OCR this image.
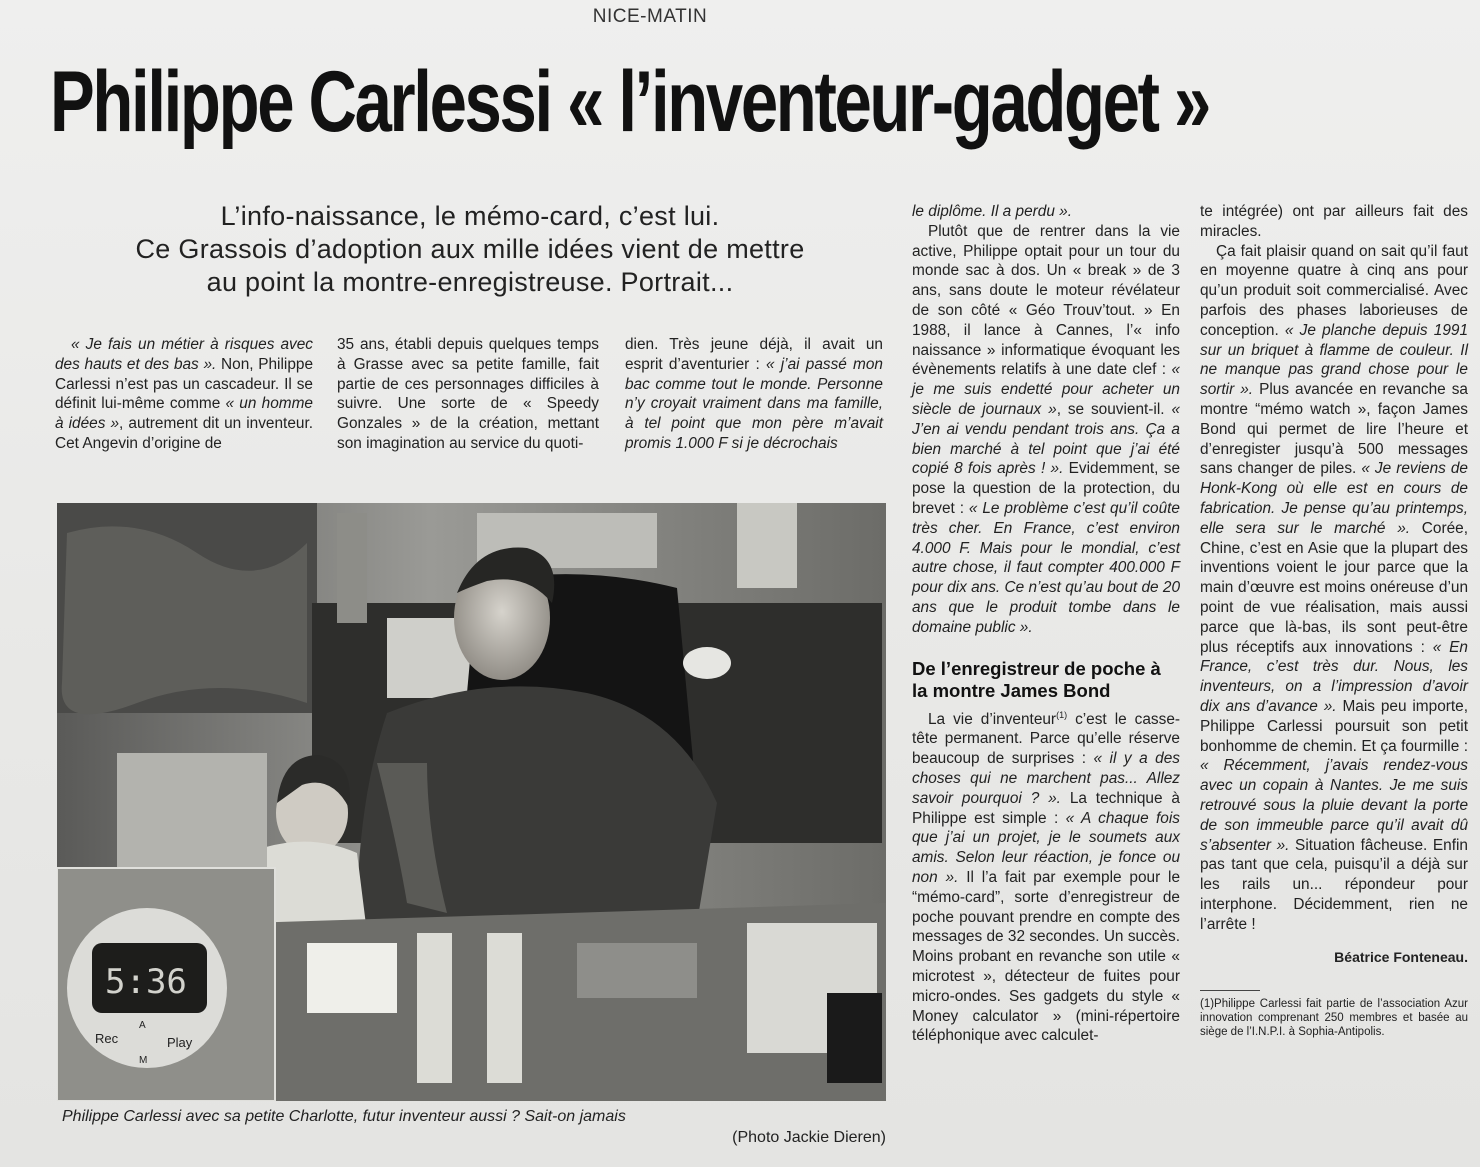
NICE-MATIN
Philippe Carlessi « l’inventeur-gadget »
L’info-naissance, le mémo-card, c’est lui.
Ce Grassois d’adoption aux mille idées vient de mettre
au point la montre-enregistreuse. Portrait...

« Je fais un métier à risques avec des hauts et des bas ». Non, Philippe Carlessi n’est pas un cascadeur. Il se définit lui-même comme « un homme à idées », autrement dit un inventeur. Cet Angevin d’origine de

35 ans, établi depuis quelques temps à Grasse avec sa petite famille, fait partie de ces personnages difficiles à suivre. Une sorte de « Speedy Gonzales » de la création, mettant son imagination au service du quoti-

dien. Très jeune déjà, il avait un esprit d’aventurier : « j’ai passé mon bac comme tout le monde. Personne n’y croyait vraiment dans ma famille, à tel point que mon père m’avait promis 1.000 F si je décrochais

le diplôme. Il a perdu ».

Plutôt que de rentrer dans la vie active, Philippe optait pour un tour du monde sac à dos. Un « break » de 3 ans, sans doute le moteur révélateur de son côté « Géo Trouv’tout. » En 1988, il lance à Cannes, l’« info naissance » informatique évoquant les évènements relatifs à une date clef : « je me suis endetté pour acheter un siècle de journaux », se souvient-il. « J’en ai vendu pendant trois ans. Ça a bien marché à tel point que j’ai été copié 8 fois après ! ». Evidemment, se pose la question de la protection, du brevet : « Le problème c’est qu’il coûte très cher. En France, c’est environ 4.000 F. Mais pour le mondial, c’est autre chose, il faut compter 400.000 F pour dix ans. Ce n’est qu’au bout de 20 ans que le produit tombe dans le domaine public ».

De l’enregistreur de poche à la montre James Bond

La vie d’inventeur$^{(1)}$ c’est le casse-tête permanent. Parce qu’elle réserve beaucoup de surprises : « il y a des choses qui ne marchent pas... Allez savoir pourquoi ? ». La technique à Philippe est simple : « A chaque fois que j’ai un projet, je le soumets aux amis. Selon leur réaction, je fonce ou non ». Il l’a fait par exemple pour le “mémo-card”, sorte d’enregistreur de poche pouvant prendre en compte des messages de 32 secondes. Un succès. Moins probant en revanche son utile « microtest », détecteur de fuites pour micro-ondes. Ses gadgets du style « Money calculator » (mini-répertoire téléphonique avec calculet-

te intégrée) ont par ailleurs fait des miracles.

Ça fait plaisir quand on sait qu’il faut en moyenne quatre à cinq ans pour qu’un produit soit commercialisé. Avec parfois des phases laborieuses de conception. « Je planche depuis 1991 sur un briquet à flamme de couleur. Il ne manque pas grand chose pour le sortir ». Plus avancée en revanche sa montre “mémo watch », façon James Bond qui permet de lire l’heure et d’enregister jusqu’à 500 messages sans changer de piles. « Je reviens de Honk-Kong où elle est en cours de fabrication. Je pense qu’au printemps, elle sera sur le marché ». Corée, Chine, c’est en Asie que la plupart des inventions voient le jour parce que la main d’œuvre est moins onéreuse d’un point de vue réalisation, mais aussi parce que là-bas, ils sont peut-être plus réceptifs aux innovations : « En France, c’est très dur. Nous, les inventeurs, on a l’impression d’avoir dix ans d’avance ». Mais peu importe, Philippe Carlessi poursuit son petit bonhomme de chemin. Et ça fourmille : « Récemment, j’avais rendez-vous avec un copain à Nantes. Je me suis retrouvé sous la pluie devant la porte de son immeuble parce qu’il avait dû s’absenter ». Situation fâcheuse. Enfin pas tant que cela, puisqu’il a déjà sur les rails un... répondeur pour interphone. Décidemment, rien ne l’arrête !

Béatrice Fonteneau.
(1)Philippe Carlessi fait partie de l’association Azur innovation comprenant 250 membres et basée au siège de l’I.N.P.I. à Sophia-Antipolis.
5:36
Rec	Play
A
M
Philippe Carlessi avec sa petite Charlotte, futur inventeur aussi ? Sait-on jamais
(Photo Jackie Dieren)
